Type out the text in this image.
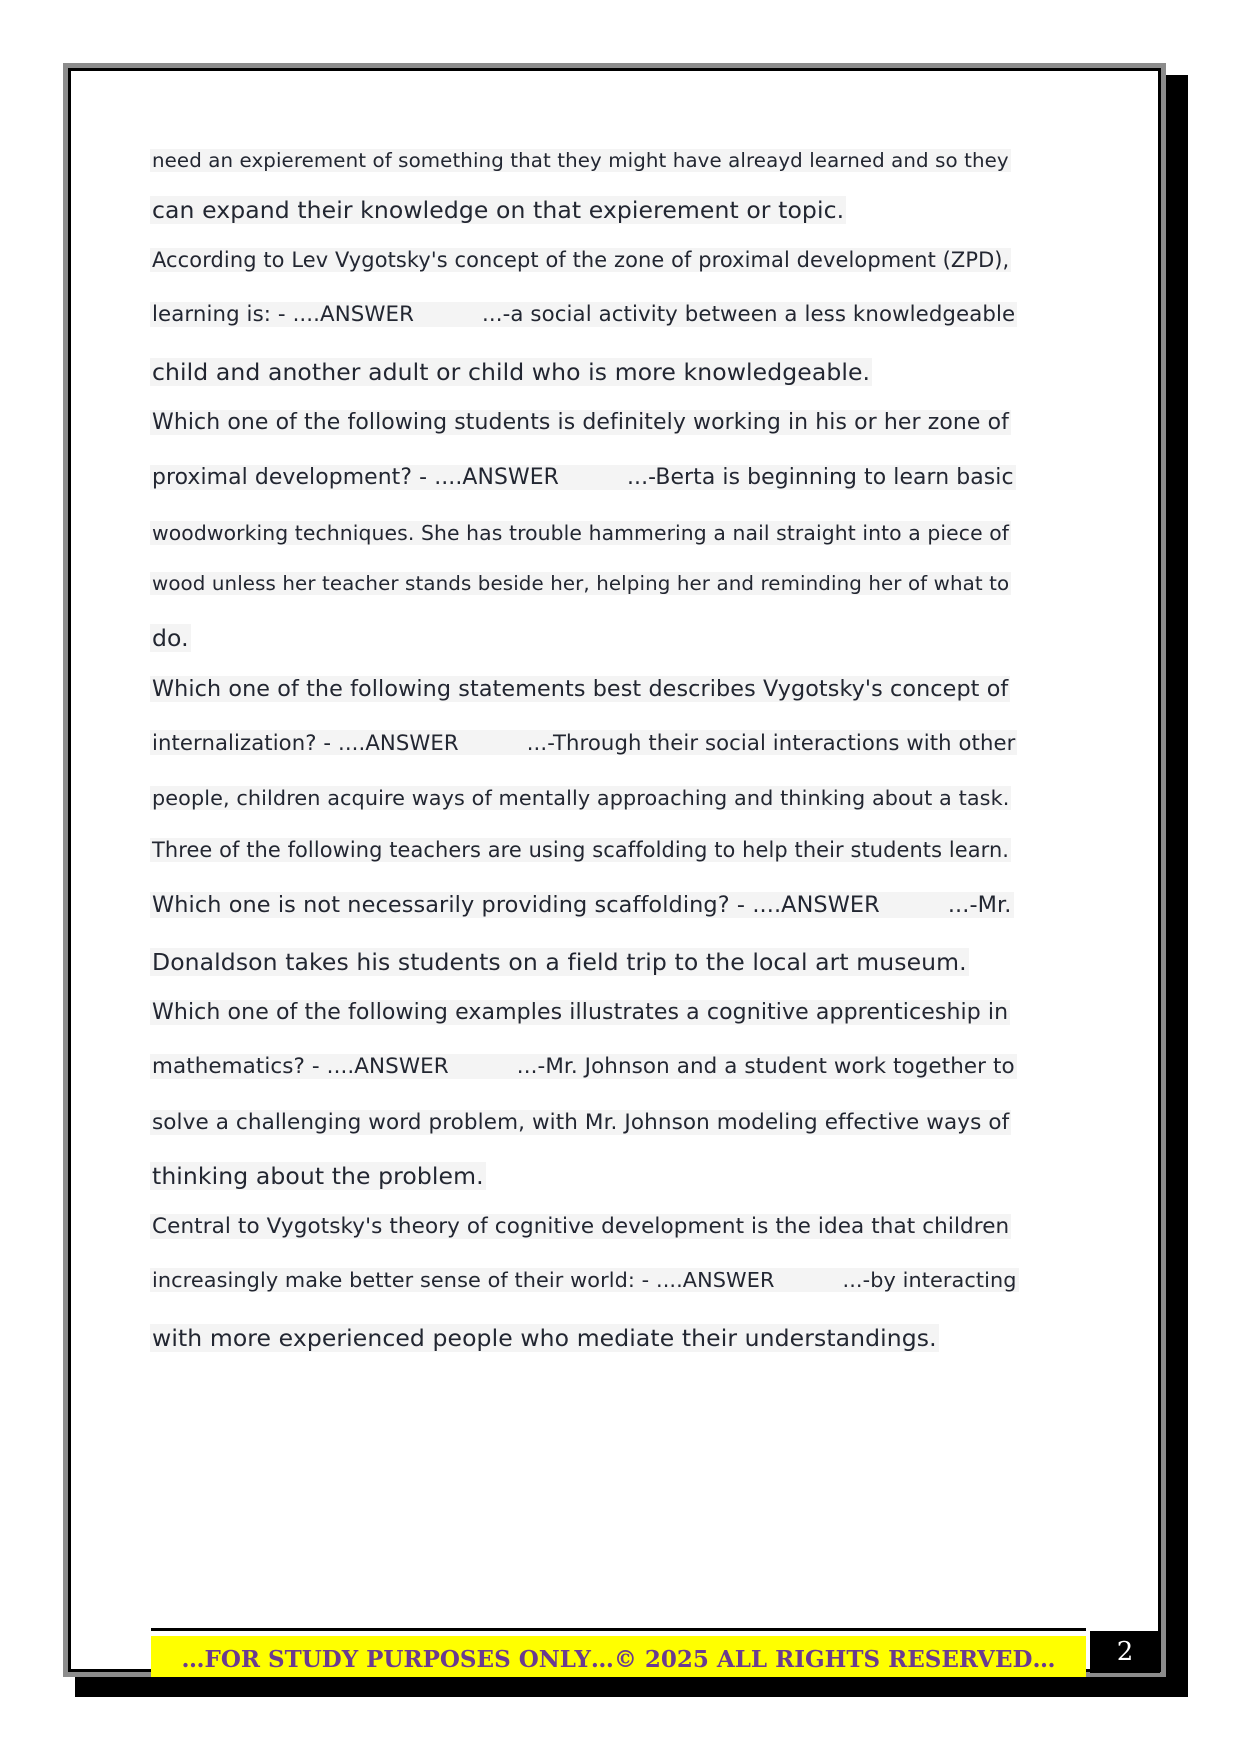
need an expierement of something that they might have alreayd learned and so they
can expand their knowledge on that expierement or topic.
According to Lev Vygotsky's concept of the zone of proximal development (ZPD),
learning is: - ....ANSWER	...-a social activity between a less knowledgeable
child and another adult or child who is more knowledgeable.
Which one of the following students is definitely working in his or her zone of
proximal development? - ....ANSWER	...-Berta is beginning to learn basic
woodworking techniques. She has trouble hammering a nail straight into a piece of
wood unless her teacher stands beside her, helping her and reminding her of what to
do.
Which one of the following statements best describes Vygotsky's concept of
internalization? - ....ANSWER	...-Through their social interactions with other
people, children acquire ways of mentally approaching and thinking about a task.
Three of the following teachers are using scaffolding to help their students learn.
Which one is not necessarily providing scaffolding? - ....ANSWER	...-Mr.
Donaldson takes his students on a field trip to the local art museum.
Which one of the following examples illustrates a cognitive apprenticeship in
mathematics? - ....ANSWER	...-Mr. Johnson and a student work together to
solve a challenging word problem, with Mr. Johnson modeling effective ways of
thinking about the problem.
Central to Vygotsky's theory of cognitive development is the idea that children
increasingly make better sense of their world: - ....ANSWER	...-by interacting
with more experienced people who mediate their understandings.
…FOR STUDY PURPOSES ONLY…© 2025 ALL RIGHTS RESERVED…	2
